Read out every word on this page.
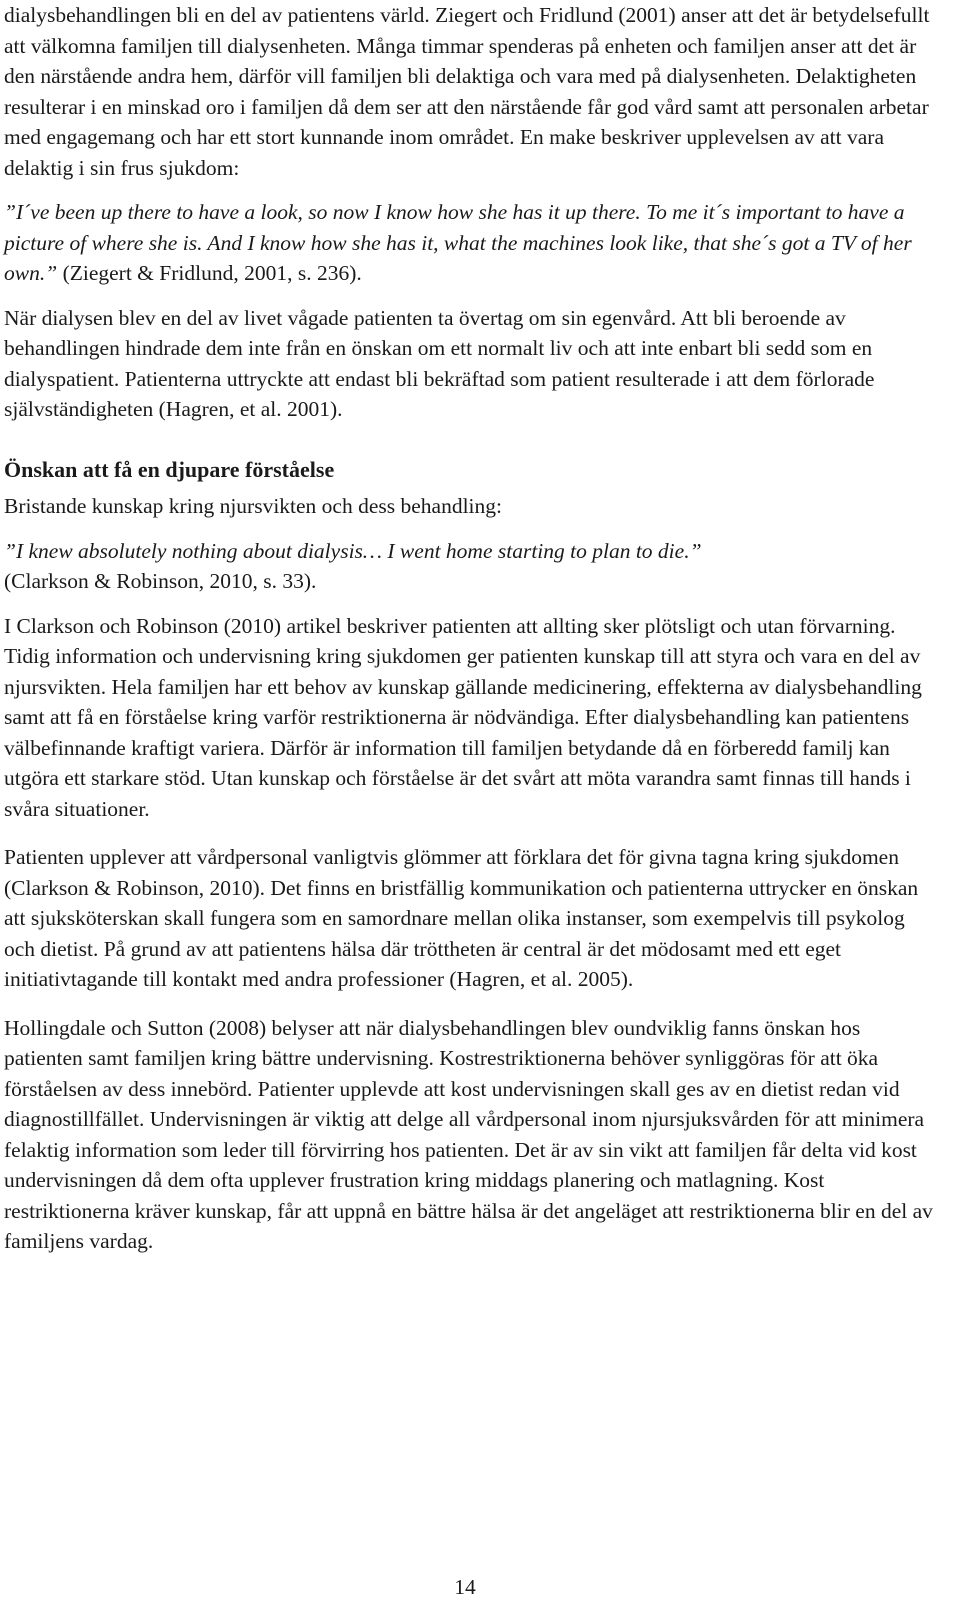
dialysbehandlingen bli en del av patientens värld. Ziegert och Fridlund (2001) anser att det är betydelsefullt att välkomna familjen till dialysenheten. Många timmar spenderas på enheten och familjen anser att det är den närstående andra hem, därför vill familjen bli delaktiga och vara med på dialysenheten. Delaktigheten resulterar i en minskad oro i familjen då dem ser att den närstående får god vård samt att personalen arbetar med engagemang och har ett stort kunnande inom området. En make beskriver upplevelsen av att vara delaktig i sin frus sjukdom:

”I´ve been up there to have a look, so now I know how she has it up there. To me it´s important to have a picture of where she is. And I know how she has it, what the machines look like, that she´s got a TV of her own.” (Ziegert & Fridlund, 2001, s. 236).

När dialysen blev en del av livet vågade patienten ta övertag om sin egenvård. Att bli beroende av behandlingen hindrade dem inte från en önskan om ett normalt liv och att inte enbart bli sedd som en dialyspatient. Patienterna uttryckte att endast bli bekräftad som patient resulterade i att dem förlorade självständigheten (Hagren, et al. 2001).

Önskan att få en djupare förståelse

Bristande kunskap kring njursvikten och dess behandling:

”I knew absolutely nothing about dialysis… I went home starting to plan to die.”
(Clarkson & Robinson, 2010, s. 33).

I Clarkson och Robinson (2010) artikel beskriver patienten att allting sker plötsligt och utan förvarning. Tidig information och undervisning kring sjukdomen ger patienten kunskap till att styra och vara en del av njursvikten. Hela familjen har ett behov av kunskap gällande medicinering, effekterna av dialysbehandling samt att få en förståelse kring varför restriktionerna är nödvändiga. Efter dialysbehandling kan patientens välbefinnande kraftigt variera. Därför är information till familjen betydande då en förberedd familj kan utgöra ett starkare stöd. Utan kunskap och förståelse är det svårt att möta varandra samt finnas till hands i svåra situationer.

Patienten upplever att vårdpersonal vanligtvis glömmer att förklara det för givna tagna kring sjukdomen (Clarkson & Robinson, 2010). Det finns en bristfällig kommunikation och patienterna uttrycker en önskan att sjuksköterskan skall fungera som en samordnare mellan olika instanser, som exempelvis till psykolog och dietist. På grund av att patientens hälsa där tröttheten är central är det mödosamt med ett eget initiativtagande till kontakt med andra professioner (Hagren, et al. 2005).

Hollingdale och Sutton (2008) belyser att när dialysbehandlingen blev oundviklig fanns önskan hos patienten samt familjen kring bättre undervisning. Kostrestriktionerna behöver synliggöras för att öka förståelsen av dess innebörd. Patienter upplevde att kost undervisningen skall ges av en dietist redan vid diagnostillfället. Undervisningen är viktig att delge all vårdpersonal inom njursjuksvården för att minimera felaktig information som leder till förvirring hos patienten. Det är av sin vikt att familjen får delta vid kost undervisningen då dem ofta upplever frustration kring middags planering och matlagning. Kost restriktionerna kräver kunskap, får att uppnå en bättre hälsa är det angeläget att restriktionerna blir en del av familjens vardag.

14
